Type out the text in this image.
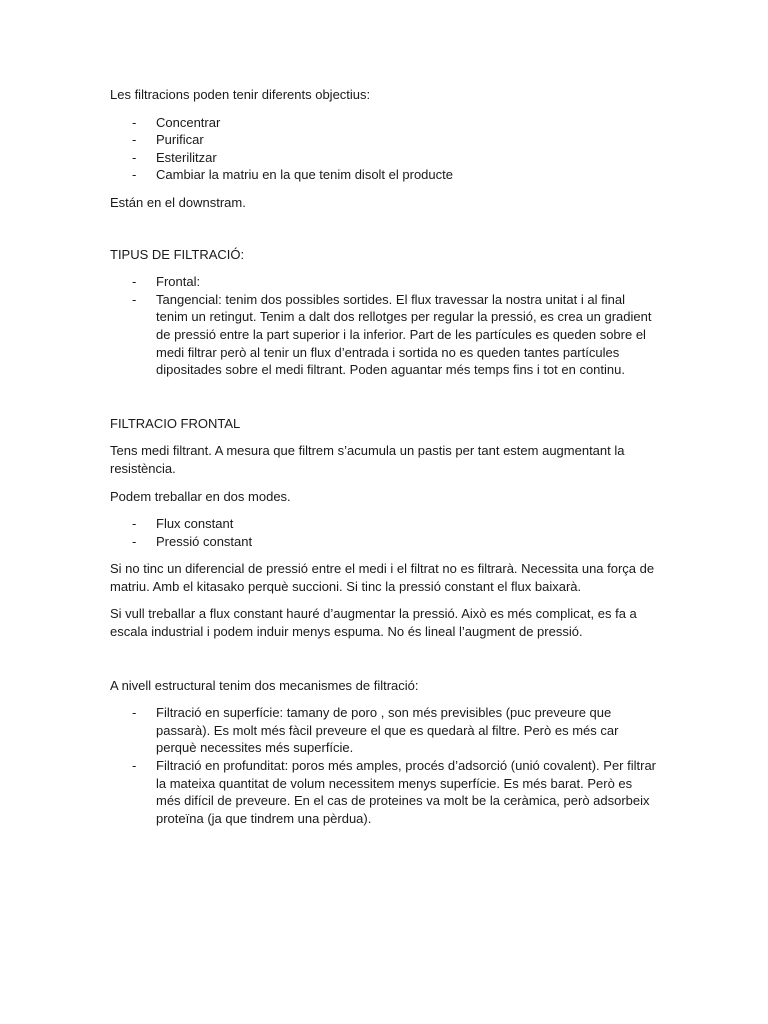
Les filtracions poden tenir diferents objectius:

- Concentrar
- Purificar
- Esterilitzar
- Cambiar la matriu en la que tenim disolt el producte

Están en el downstram.

TIPUS DE FILTRACIÓ:

- Frontal:
- Tangencial: tenim dos possibles sortides. El flux travessar la nostra unitat i al final tenim un retingut. Tenim a dalt dos rellotges per regular la pressió, es crea un gradient de pressió entre la part superior i la inferior. Part de les partícules es queden sobre el medi filtrar però al tenir un flux d’entrada i sortida no es queden tantes partícules dipositades sobre el medi filtrant. Poden aguantar més temps fins i tot en continu.

FILTRACIO FRONTAL

Tens medi filtrant. A mesura que filtrem s’acumula un pastis per tant estem augmentant la resistència.

Podem treballar en dos modes.

- Flux constant
- Pressió constant

Si no tinc un diferencial de pressió entre el medi i el filtrat no es filtrarà. Necessita una força de matriu. Amb el kitasako perquè succioni. Si tinc la pressió constant el flux baixarà.

Si vull treballar a flux constant hauré d’augmentar la pressió. Això es més complicat, es fa a escala industrial i podem induir menys espuma. No és lineal l’augment de pressió.

A nivell estructural tenim dos mecanismes de filtració:

- Filtració en superfície: tamany de poro , son més previsibles (puc preveure que passarà). Es molt més fàcil preveure el que es quedarà al filtre. Però es més car perquè necessites més superfície.
- Filtració en profunditat: poros més amples, procés d’adsorció (unió covalent). Per filtrar la mateixa quantitat de volum necessitem menys superfície. Es més barat. Però es més difícil de preveure. En el cas de proteines va molt be la ceràmica, però adsorbeix proteïna (ja que tindrem una pèrdua).
